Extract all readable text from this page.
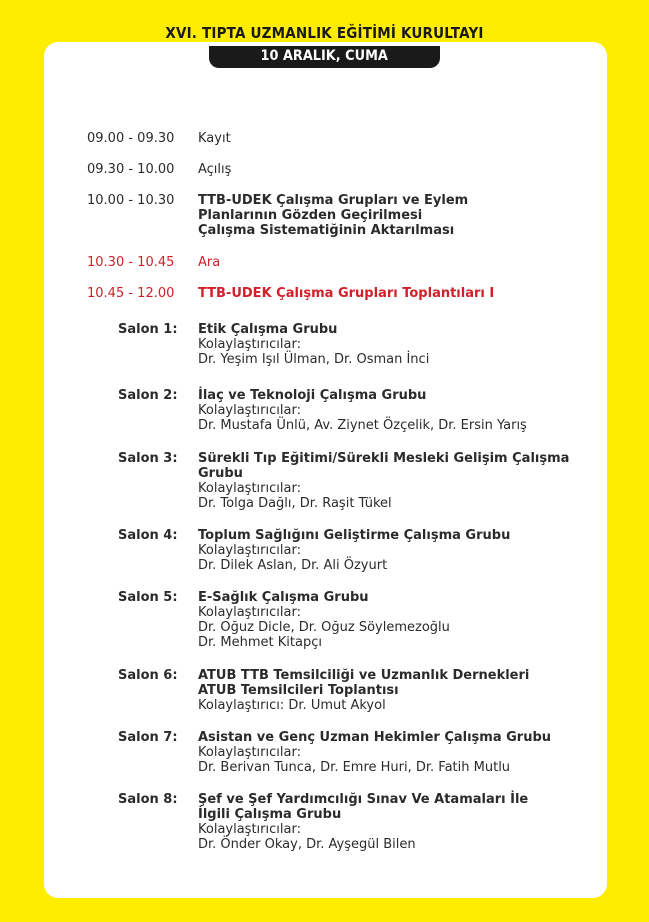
XVI. TIPTA UZMANLIK EĞİTİMİ KURULTAYI
10 ARALIK, CUMA
09.00 - 09.30 Kayıt
09.30 - 10.00 Açılış
10.00 - 10.30 TTB-UDEK Çalışma Grupları ve Eylem
Planlarının Gözden Geçirilmesi
Çalışma Sistematiğinin Aktarılması
10.30 - 10.45 Ara
10.45 - 12.00 TTB-UDEK Çalışma Grupları Toplantıları I
Salon 1: Etik Çalışma Grubu
Kolaylaştırıcılar:
Dr. Yeşim Işıl Ülman, Dr. Osman İnci
Salon 2: İlaç ve Teknoloji Çalışma Grubu
Kolaylaştırıcılar:
Dr. Mustafa Ünlü, Av. Ziynet Özçelik, Dr. Ersin Yarış
Salon 3: Sürekli Tıp Eğitimi/Sürekli Mesleki Gelişim Çalışma
Grubu
Kolaylaştırıcılar:
Dr. Tolga Dağlı, Dr. Raşit Tükel
Salon 4: Toplum Sağlığını Geliştirme Çalışma Grubu
Kolaylaştırıcılar:
Dr. Dilek Aslan, Dr. Ali Özyurt
Salon 5: E-Sağlık Çalışma Grubu
Kolaylaştırıcılar:
Dr. Oğuz Dicle, Dr. Oğuz Söylemezoğlu
Dr. Mehmet Kitapçı
Salon 6: ATUB TTB Temsilciliği ve Uzmanlık Dernekleri
ATUB Temsilcileri Toplantısı
Kolaylaştırıcı: Dr. Umut Akyol
Salon 7: Asistan ve Genç Uzman Hekimler Çalışma Grubu
Kolaylaştırıcılar:
Dr. Berivan Tunca, Dr. Emre Huri, Dr. Fatih Mutlu
Salon 8: Şef ve Şef Yardımcılığı Sınav Ve Atamaları İle
İlgili Çalışma Grubu
Kolaylaştırıcılar:
Dr. Önder Okay, Dr. Ayşegül Bilen
